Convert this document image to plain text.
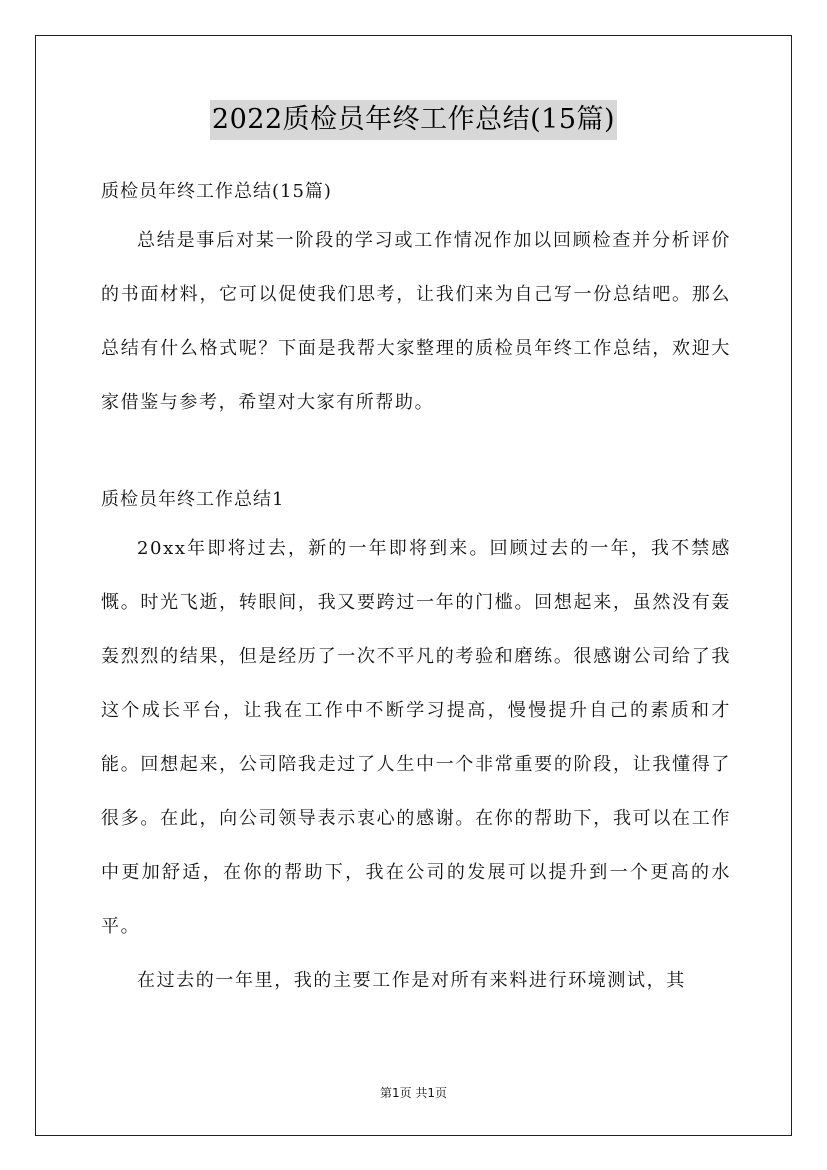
2022质检员年终工作总结(15篇)

质检员年终工作总结(15篇)

总结是事后对某一阶段的学习或工作情况作加以回顾检查并分析评价的书面材料，它可以促使我们思考，让我们来为自己写一份总结吧。那么总结有什么格式呢？下面是我帮大家整理的质检员年终工作总结，欢迎大家借鉴与参考，希望对大家有所帮助。

质检员年终工作总结1

20xx年即将过去，新的一年即将到来。回顾过去的一年，我不禁感慨。时光飞逝，转眼间，我又要跨过一年的门槛。回想起来，虽然没有轰轰烈烈的结果，但是经历了一次不平凡的考验和磨练。很感谢公司给了我这个成长平台，让我在工作中不断学习提高，慢慢提升自己的素质和才能。回想起来，公司陪我走过了人生中一个非常重要的阶段，让我懂得了很多。在此，向公司领导表示衷心的感谢。在你的帮助下，我可以在工作中更加舒适，在你的帮助下，我在公司的发展可以提升到一个更高的水平。

在过去的一年里，我的主要工作是对所有来料进行环境测试，其

第1页 共1页
